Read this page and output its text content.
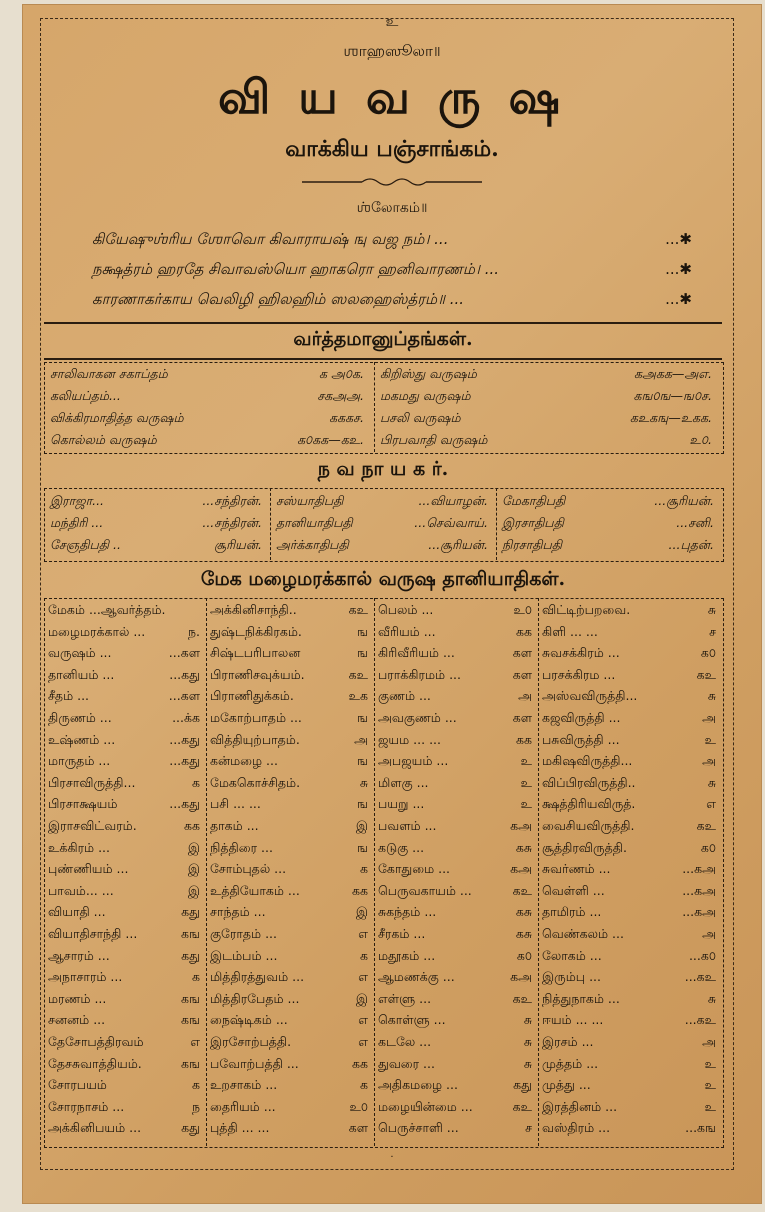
உ
ஶாஹஸூலா॥
வி ய வ ரு ஷ
வாக்கிய பஞ்சாங்கம்.
ஶ்லோகம்॥
கியேஷுஶ்ரிய ஶோவொ கிவாராயஷ் ஙு வஜ நம்। ...	...✱
நக்ஷத்ரம் ஹரதே சிவாவஸ்யொ ஹாகரொ ஹனிவாரணம்। ...	...✱
காரணாகர்காய வெலிழி ஹிலஹிம் ஸலஹைஸ்த்ரம்॥ ...	...✱
வர்த்தமானுப்தங்கள்.
சாலிவாகன சகாப்தம்	க அ௦க.
கலியப்தம்...	சகஅஅ.
விக்கிரமாதித்த வருஷம்	கககச.
கொல்லம் வருஷம்	க௦கக—கஉ.
கிறிஸ்து வருஷம்	கஅகக—அஎ.
மகமது வருஷம்	கங௦ங—ங௦ச.
பசலி வருஷம்	கஉகஙு—உகக.
பிரபவாதி வருஷம்	உ௦.
ந வ நா ய க ர்.
இராஜா...	...சந்திரன்.
மந்திரி ...	...சந்திரன்.
சேஞதிபதி ..	சூரியன்.
சஸ்யாதிபதி	...வியாழன்.
தானியாதிபதி	...செவ்வாய்.
அர்க்காதிபதி	...சூரியன்.
மேகாதிபதி	...சூரியன்.
இரசாதிபதி	...சனி.
நிரசாதிபதி	...புதன்.
மேக மழைமரக்கால் வருஷ தானியாதிகள்.
மேகம் ...ஆவர்த்தம்.
மழைமரக்கால் ...	ந.
வருஷம் ...	...கள
தானியம் ...	...கது
சீதம் ...	...கள
திருணம் ...	...க்க
உஷ்ணம் ...	...கது
மாருதம் ...	...கது
பிரசாவிருத்தி...	க
பிரசாக்ஷயம்	...கது
இராசவிட்வரம்.	கக
உக்கிரம் ...	இ
புண்ணியம் ...	இ
பாவம்... ...	இ
வியாதி ...	கது
வியாதிசாந்தி ...	கங
ஆசாரம் ...	கது
அநாசாரம் ...	க
மரணம் ...	கங
சனனம் ...	கங
தேசோபத்திரவம்	எ
தேசசுவாத்தியம்.	கங
சோரபயம்	க
சோரநாசம் ...	ந
அக்கினிபயம் ...	கது
அக்கினிசாந்தி..	கஉ
துஷ்டநிக்கிரகம்.	ங
சிஷ்டபரிபாலன	ங
பிராணிசவுக்யம்.	கஉ
பிராணிதுக்கம்.	உக
மகோற்பாதம் ...	ங
வித்தியுற்பாதம்.	அ
கன்மழை ...	ங
மேககொச்சிதம்.	சு
பசி ... ...	ங
தாகம் ...	இ
நித்திரை ...	ங
சோம்புதல் ...	க
உத்தியோகம் ...	கக
சாந்தம் ...	இ
குரோதம் ...	எ
இடம்பம் ...	க
மித்திரத்துவம் ...	எ
மித்திரபேதம் ...	இ
நைஷ்டிகம் ...	எ
இரசோற்பத்தி.	எ
பவோற்பத்தி ...	கக
உறசாகம் ...	க
தைரியம் ...	உ௦
புத்தி ... ...	கள
பெலம் ...	உ௦
வீரியம் ...	கக
கிரிவீரியம் ...	கள
பராக்கிரமம் ...	கள
குணம் ...	அ
அவகுணம் ...	கள
ஜயம ... ...	கக
அபஜயம் ...	உ
மிளகு ...	உ
பயறு ...	உ
பவளம் ...	கஅ
கடுகு ...	கசு
கோதுமை ...	கஅ
பெருவகாயம் ...	கஉ
சுகந்தம் ...	கசு
சீரகம் ...	கசு
மதூகம் ...	க௦
ஆமணக்கு ...	கஅ
எள்ளு ...	கஉ
கொள்ளு ...	சு
கடலே ...	சு
துவரை ...	சு
அதிகமழை ...	கது
மழையின்மை ...	கஉ
பெருச்சாளி ...	ச
விட்டிற்பறவை.	சு
கிளி ... ...	ச
சுவசக்கிரம் ...	க௦
பரசக்கிரம ...	கஉ
அஸ்வவிருத்தி...	சு
கஜவிருத்தி ...	அ
பசுவிருத்தி ...	உ
மகிஷவிருத்தி...	அ
விப்பிரவிருத்தி..	சு
க்ஷத்திரியவிருத்.	எ
வைசியவிருத்தி.	கஉ
சூத்திரவிருத்தி.	க௦
சுவர்ணம் ...	...கஅ
வெள்ளி ...	...கஅ
தாமிரம் ...	...கஅ
வெண்கலம் ...	அ
லோகம் ...	...க௦
இரும்பு ...	...கஉ
நித்துநாகம் ...	சு
ஈயம் ... ...	...கஉ
இரசம் ...	அ
முத்தம் ...	உ
முத்து ...	உ
இரத்தினம் ...	உ
வஸ்திரம் ...	...கங
·
